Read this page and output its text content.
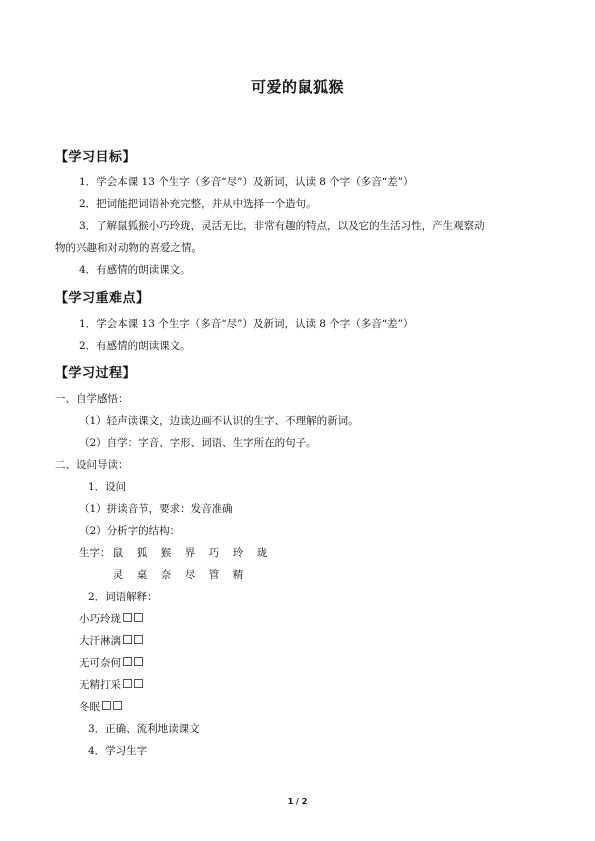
可爱的鼠狐猴
【学习目标】
1．学会本课 13 个生字（多音“尽”）及新词，认读 8 个字（多音“差”）
2．把词能把词语补充完整，并从中选择一个造句。
3．了解鼠狐猴小巧玲珑，灵活无比，非常有趣的特点，以及它的生活习性，产生观察动
物的兴趣和对动物的喜爱之情。
4．有感情的朗读课文。
【学习重难点】
1．学会本课 13 个生字（多音“尽”）及新词，认读 8 个字（多音“差”）
2．有感情的朗读课文。
【学习过程】
一、自学感悟：
（1）轻声读课文，边读边画不认识的生字、不理解的新词。
（2）自学：字音、字形、词语、生字所在的句子。
二、设问导读：
1．设问
（1）拼读音节，要求：发音准确
（2）分析字的结构：
生字： 鼠 狐 猴 界 巧 玲 珑
灵 桌 奈 尽 管 精
2．词语解释：
小巧玲珑
大汗淋漓
无可奈何
无精打采
冬眠
3．正确、流利地读课文
4．学习生字
1 / 2
